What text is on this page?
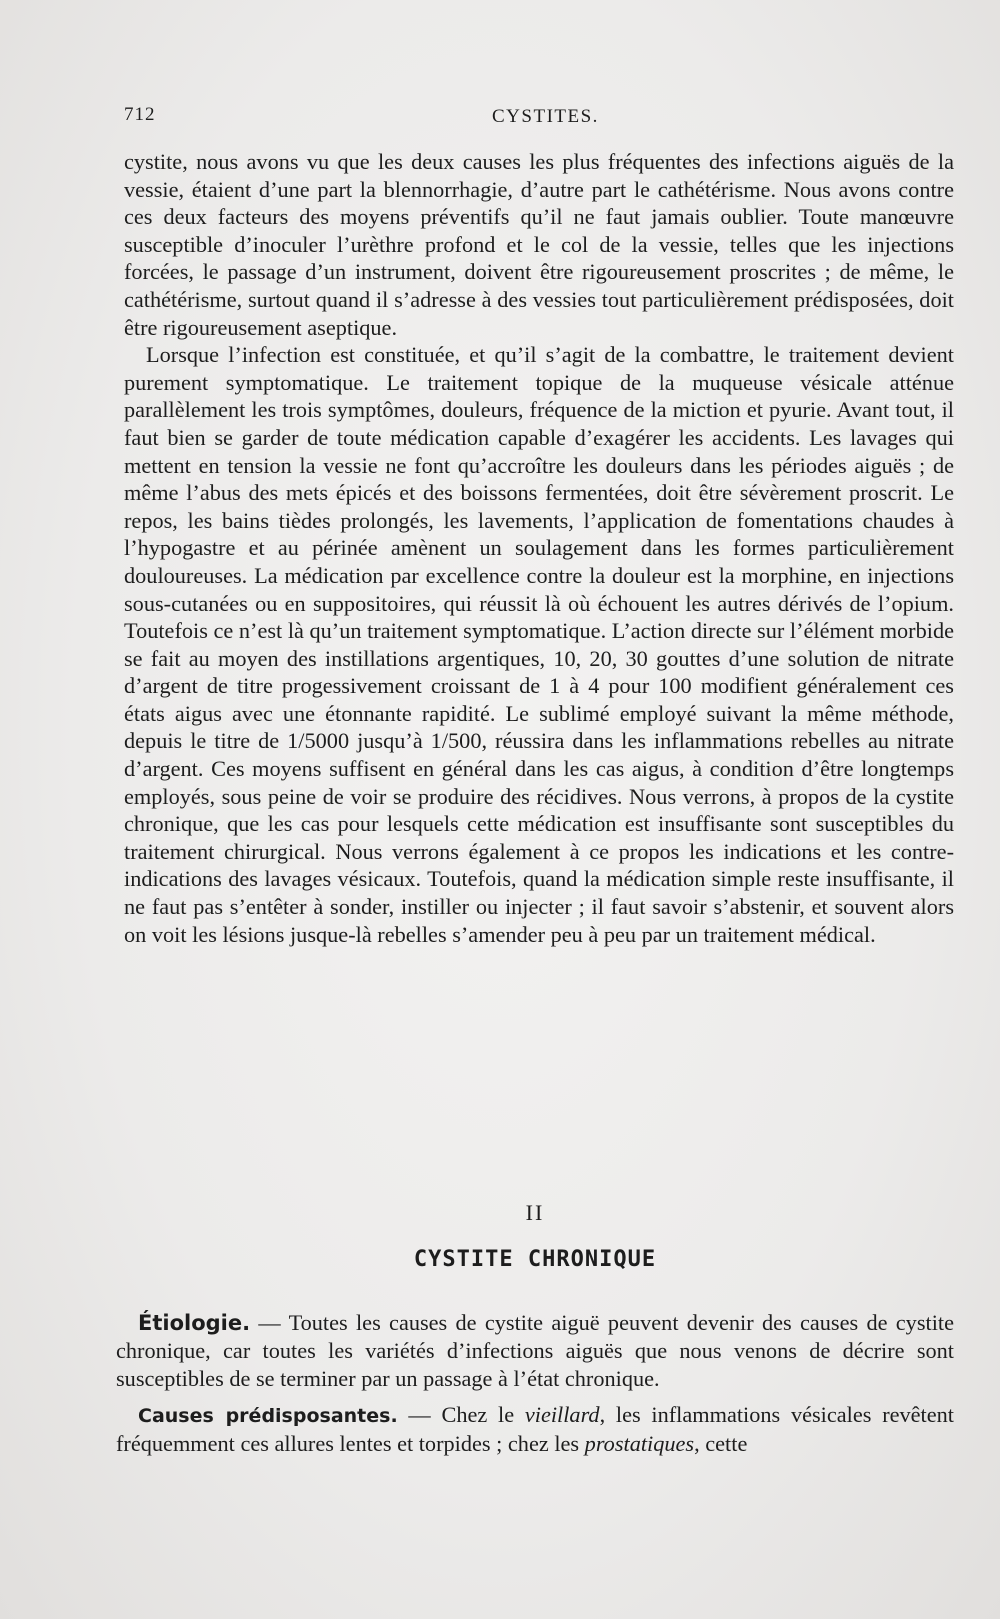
712	CYSTITES.

cystite, nous avons vu que les deux causes les plus fréquentes des infections aiguës de la vessie, étaient d’une part la blennorrhagie, d’autre part le cathétérisme. Nous avons contre ces deux facteurs des moyens préventifs qu’il ne faut jamais oublier. Toute manœuvre susceptible d’inoculer l’urèthre profond et le col de la vessie, telles que les injections forcées, le passage d’un instrument, doivent être rigoureusement proscrites ; de même, le cathétérisme, surtout quand il s’adresse à des vessies tout particulièrement prédisposées, doit être rigoureusement aseptique.

Lorsque l’infection est constituée, et qu’il s’agit de la combattre, le traitement devient purement symptomatique. Le traitement topique de la muqueuse vésicale atténue parallèlement les trois symptômes, douleurs, fréquence de la miction et pyurie. Avant tout, il faut bien se garder de toute médication capable d’exagérer les accidents. Les lavages qui mettent en tension la vessie ne font qu’accroître les douleurs dans les périodes aiguës ; de même l’abus des mets épicés et des boissons fermentées, doit être sévèrement proscrit. Le repos, les bains tièdes prolongés, les lavements, l’application de fomentations chaudes à l’hypogastre et au périnée amènent un soulagement dans les formes particulièrement douloureuses. La médication par excellence contre la douleur est la morphine, en injections sous-cutanées ou en suppositoires, qui réussit là où échouent les autres dérivés de l’opium. Toutefois ce n’est là qu’un traitement symptomatique. L’action directe sur l’élément morbide se fait au moyen des instillations argentiques, 10, 20, 30 gouttes d’une solution de nitrate d’argent de titre progessivement croissant de 1 à 4 pour 100 modifient généralement ces états aigus avec une étonnante rapidité. Le sublimé employé suivant la même méthode, depuis le titre de 1/5000 jusqu’à 1/500, réussira dans les inflammations rebelles au nitrate d’argent. Ces moyens suffisent en général dans les cas aigus, à condition d’être longtemps employés, sous peine de voir se produire des récidives. Nous verrons, à propos de la cystite chronique, que les cas pour lesquels cette médication est insuffisante sont susceptibles du traitement chirurgical. Nous verrons également à ce propos les indications et les contre-indications des lavages vésicaux. Toutefois, quand la médication simple reste insuffisante, il ne faut pas s’entêter à sonder, instiller ou injecter ; il faut savoir s’abstenir, et souvent alors on voit les lésions jusque-là rebelles s’amender peu à peu par un traitement médical.

II
CYSTITE CHRONIQUE

Étiologie. — Toutes les causes de cystite aiguë peuvent devenir des causes de cystite chronique, car toutes les variétés d’infections aiguës que nous venons de décrire sont susceptibles de se terminer par un passage à l’état chronique.

Causes prédisposantes. — Chez le vieillard, les inflammations vésicales revêtent fréquemment ces allures lentes et torpides ; chez les prostatiques, cette
